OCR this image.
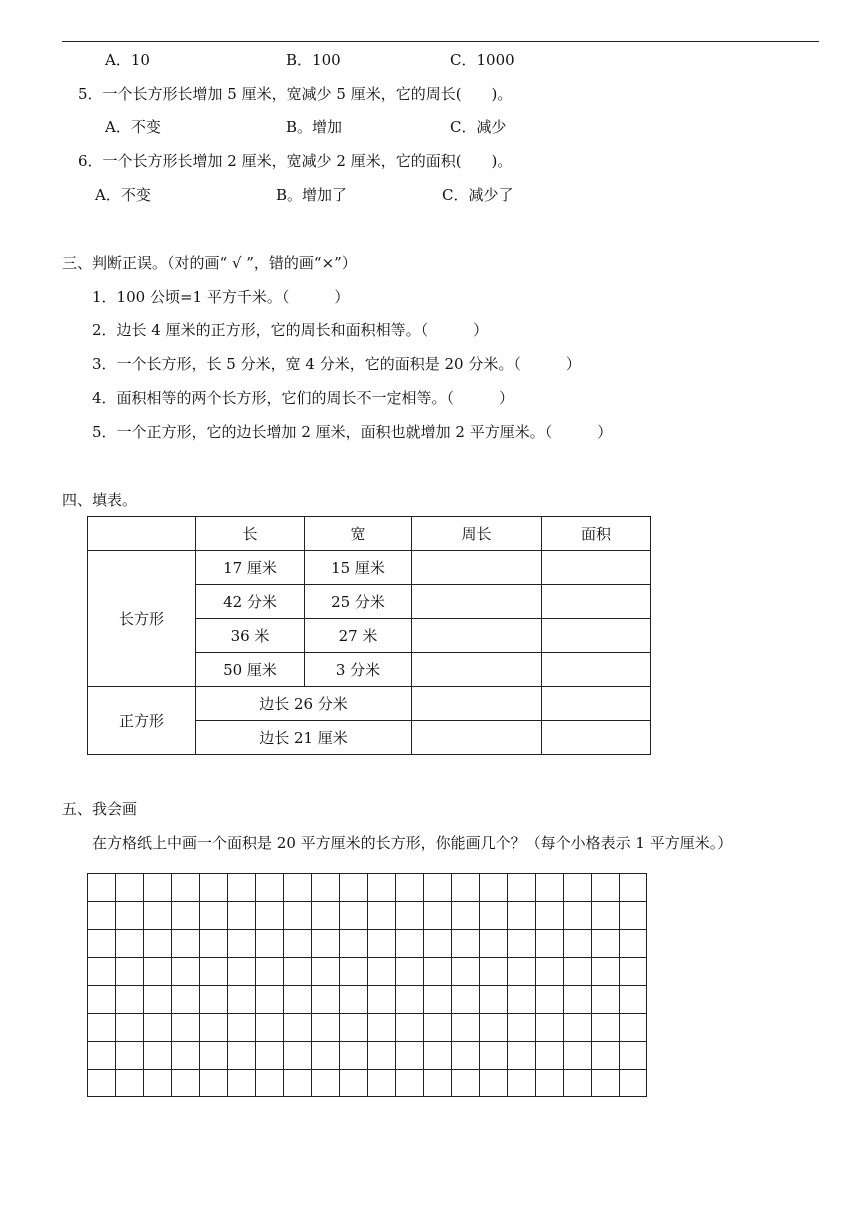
A．10	B．100	C．1000
5．一个长方形长增加 5 厘米，宽减少 5 厘米，它的周长(　　)。
A．不变	B。增加	C．减少
6．一个长方形长增加 2 厘米，宽减少 2 厘米，它的面积(　　)。
A．不变	B。增加了	C．减少了
三、判断正误。（对的画“ √ ”，错的画“×”）
1．100 公顷=1 平方千米。（　　　）
2．边长 4 厘米的正方形，它的周长和面积相等。（　　　）
3．一个长方形，长 5 分米，宽 4 分米，它的面积是 20 分米。（　　　）
4．面积相等的两个长方形，它们的周长不一定相等。（　　　）
5．一个正方形，它的边长增加 2 厘米，面积也就增加 2 平方厘米。（　　　）
四、填表。
	长	宽	周长	面积
长方形	17 厘米	15 厘米		
	42 分米	25 分米		
	36 米	27 米		
	50 厘米	3 分米		
正方形	边长 26 分米			
	边长 21 厘米			
五、我会画
在方格纸上中画一个面积是 20 平方厘米的长方形，你能画几个？（每个小格表示 1 平方厘米。）
